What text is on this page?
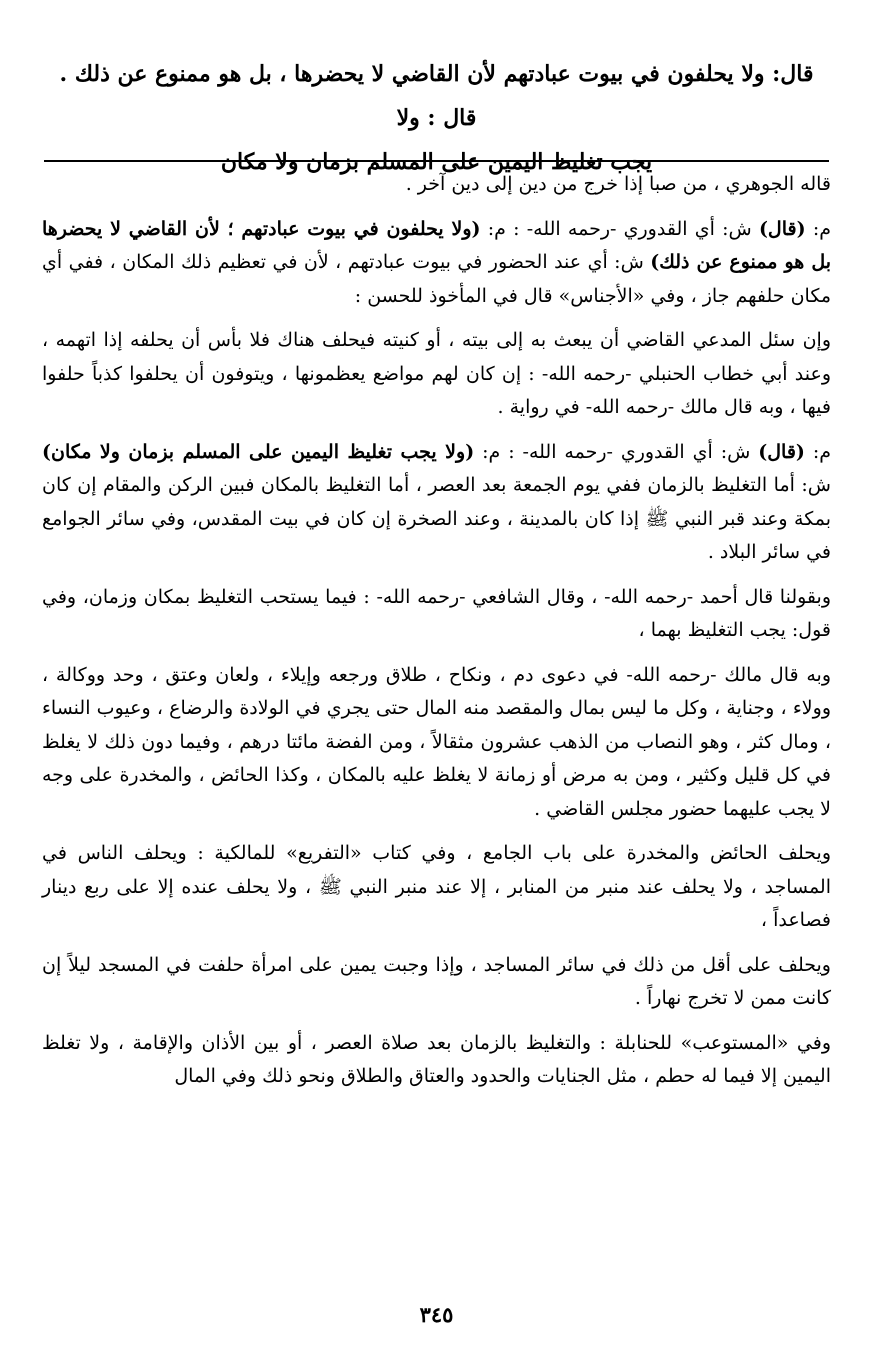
قال: ولا يحلفون في بيوت عبادتهم لأن القاضي لا يحضرها ، بل هو ممنوع عن ذلك . قال : ولا

يجب تغليظ اليمين على المسلم بزمان ولا مكان

قاله الجوهري ، من صبا إذا خرج من دين إلى دين آخر .

م: (قال) ش: أي القدوري -رحمه الله- : م: (ولا يحلفون في بيوت عبادتهم ؛ لأن القاضي لا يحضرها بل هو ممنوع عن ذلك) ش: أي عند الحضور في بيوت عبادتهم ، لأن في تعظيم ذلك المكان ، ففي أي مكان حلفهم جاز ، وفي «الأجناس» قال في المأخوذ للحسن :

وإن سئل المدعي القاضي أن يبعث به إلى بيته ، أو كنيته فيحلف هناك فلا بأس أن يحلفه إذا اتهمه ، وعند أبي خطاب الحنبلي -رحمه الله- : إن كان لهم مواضع يعظمونها ، ويتوفون أن يحلفوا كذباً حلفوا فيها ، وبه قال مالك -رحمه الله- في رواية .

م: (قال) ش: أي القدوري -رحمه الله- : م: (ولا يجب تغليظ اليمين على المسلم بزمان ولا مكان) ش: أما التغليظ بالزمان ففي يوم الجمعة بعد العصر ، أما التغليظ بالمكان فبين الركن والمقام إن كان بمكة وعند قبر النبي ﷺ إذا كان بالمدينة ، وعند الصخرة إن كان في بيت المقدس، وفي سائر الجوامع في سائر البلاد .

وبقولنا قال أحمد -رحمه الله- ، وقال الشافعي -رحمه الله- : فيما يستحب التغليظ بمكان وزمان، وفي قول: يجب التغليظ بهما ،

وبه قال مالك -رحمه الله- في دعوى دم ، ونكاح ، طلاق ورجعه وإيلاء ، ولعان وعتق ، وحد ووكالة ، وولاء ، وجناية ، وكل ما ليس بمال والمقصد منه المال حتى يجري في الولادة والرضاع ، وعيوب النساء ، ومال كثر ، وهو النصاب من الذهب عشرون مثقالاً ، ومن الفضة مائتا درهم ، وفيما دون ذلك لا يغلظ في كل قليل وكثير ، ومن به مرض أو زمانة لا يغلظ عليه بالمكان ، وكذا الحائض ، والمخدرة على وجه لا يجب عليهما حضور مجلس القاضي .

ويحلف الحائض والمخدرة على باب الجامع ، وفي كتاب «التفريع» للمالكية : ويحلف الناس في المساجد ، ولا يحلف عند منبر من المنابر ، إلا عند منبر النبي ﷺ ، ولا يحلف عنده إلا على ربع دينار فصاعداً ،

ويحلف على أقل من ذلك في سائر المساجد ، وإذا وجبت يمين على امرأة حلفت في المسجد ليلاً إن كانت ممن لا تخرج نهاراً .

وفي «المستوعب» للحنابلة : والتغليظ بالزمان بعد صلاة العصر ، أو بين الأذان والإقامة ، ولا تغلظ اليمين إلا فيما له حطم ، مثل الجنايات والحدود والعتاق والطلاق ونحو ذلك وفي المال

٣٤٥
